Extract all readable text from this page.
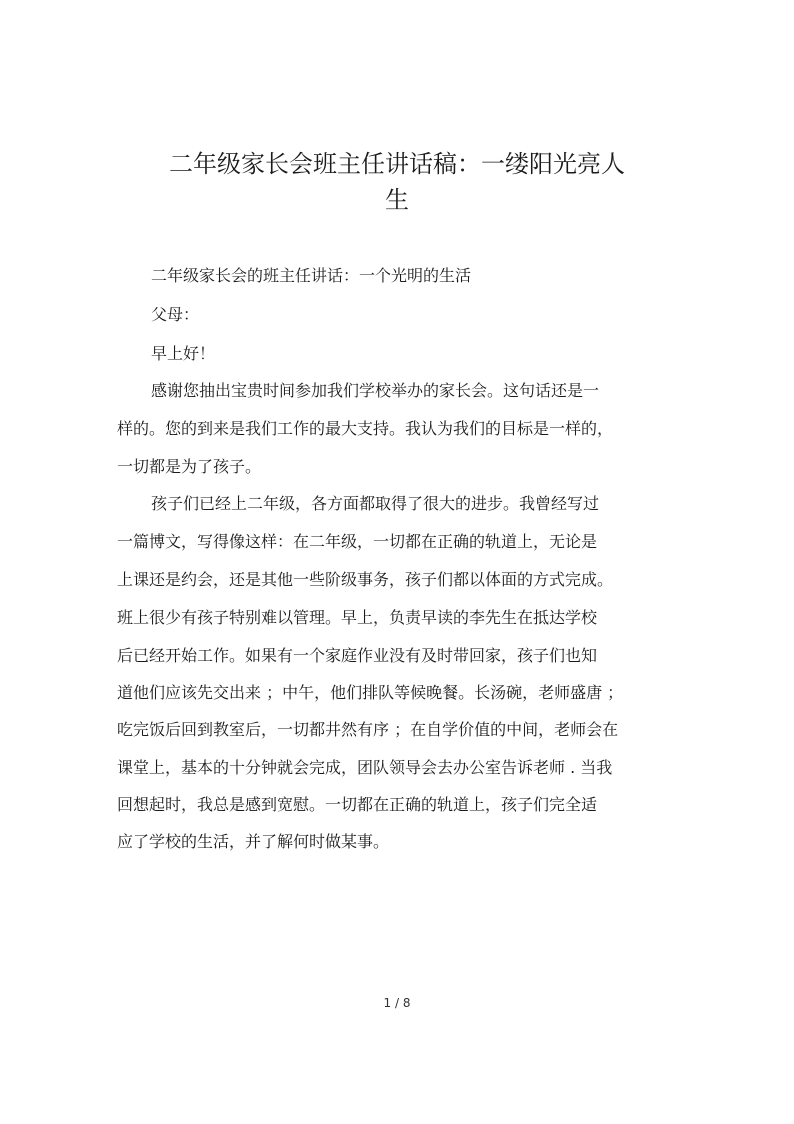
二年级家长会班主任讲话稿：一缕阳光亮人
生

二年级家长会的班主任讲话：一个光明的生活

父母：

早上好！

感谢您抽出宝贵时间参加我们学校举办的家长会。这句话还是一

样的。您的到来是我们工作的最大支持。我认为我们的目标是一样的，

一切都是为了孩子。

孩子们已经上二年级，各方面都取得了很大的进步。我曾经写过

一篇博文，写得像这样：在二年级，一切都在正确的轨道上，无论是

上课还是约会，还是其他一些阶级事务，孩子们都以体面的方式完成。

班上很少有孩子特别难以管理。早上，负责早读的李先生在抵达学校

后已经开始工作。如果有一个家庭作业没有及时带回家，孩子们也知

道他们应该先交出来 ；中午，他们排队等候晚餐。长汤碗，老师盛唐 ；

吃完饭后回到教室后，一切都井然有序 ；在自学价值的中间，老师会在

课堂上，基本的十分钟就会完成，团队领导会去办公室告诉老师 . 当我

回想起时，我总是感到宽慰。一切都在正确的轨道上，孩子们完全适

应了学校的生活，并了解何时做某事。

1 / 8
